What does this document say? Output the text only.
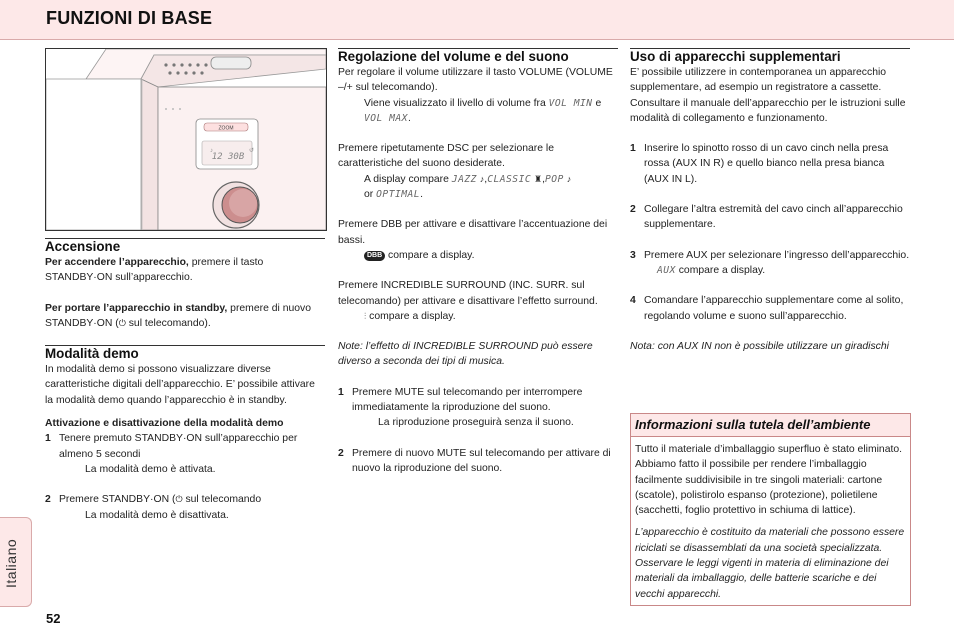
FUNZIONI DI BASE
ZOOM
12 30B
♪	↺

Accensione

Per accendere l’apparecchio, premere il tasto STANDBY·ON sull’apparecchio.

Per portare l’apparecchio in standby, premere di nuovo STANDBY·ON (⏻ sul telecomando).

Modalità demo

In modalità demo si possono visualizzare diverse caratteristiche digitali dell’apparecchio. E’ possibile attivare la modalità demo quando l’apparecchio è in standby.

Attivazione e disattivazione della modalità demo

1 Tenere premuto STANDBY·ON sull’apparecchio per almeno 5 secondi

La modalità demo è attivata.

2 Premere STANDBY·ON (⏻ sul telecomando

La modalità demo è disattivata.

Regolazione del volume e del suono

Per regolare il volume utilizzare il tasto VOLUME (VOLUME –/+ sul telecomando).

Viene visualizzato il livello di volume fra VOL MIN e VOL MAX.

Premere ripetutamente DSC per selezionare le caratteristiche del suono desiderate.

A display compare JAZZ ♪,CLASSIC ♜,POP ♪
or OPTIMAL.

Premere DBB per attivare e disattivare l’accentuazione dei bassi.

DBB compare a display.

Premere INCREDIBLE SURROUND (INC. SURR. sul telecomando) per attivare e disattivare l’effetto surround.

⫶ compare a display.

Note: l’effetto di INCREDIBLE SURROUND può essere diverso a seconda dei tipi di musica.

1 Premere MUTE sul telecomando per interrompere immediatamente la riproduzione del suono.

La riproduzione proseguirà senza il suono.

2 Premere di nuovo MUTE sul telecomando per attivare di nuovo la riproduzione del suono.

Uso di apparecchi supplementari

E’ possibile utilizzere in contemporanea un apparecchio supplementare, ad esempio un registratore a cassette. Consultare il manuale dell’apparecchio per le istruzioni sulle modalità di collegamento e funzionamento.

1 Inserire lo spinotto rosso di un cavo cinch nella presa rossa (AUX IN R) e quello bianco nella presa bianca (AUX IN L).

2 Collegare l’altra estremità del cavo cinch all’apparecchio supplementare.

3 Premere AUX per selezionare l’ingresso dell’apparecchio.

AUX compare a display.

4 Comandare l’apparecchio supplementare come al solito, regolando volume e suono sull’apparecchio.

Nota: con AUX IN non è possibile utilizzare un giradischi

Informazioni sulla tutela dell’ambiente

Tutto il materiale d’imballaggio superfluo è stato eliminato. Abbiamo fatto il possibile per rendere l’imballaggio facilmente suddivisibile in tre singoli materiali: cartone (scatole), polistirolo espanso (protezione), polietilene (sacchetti, foglio protettivo in schiuma di lattice).

L’apparecchio è costituito da materiali che possono essere riciclati se disassemblati da una società specializzata. Osservare le leggi vigenti in materia di eliminazione dei materiali da imballaggio, delle batterie scariche e dei vecchi apparecchi.

Italiano
52
